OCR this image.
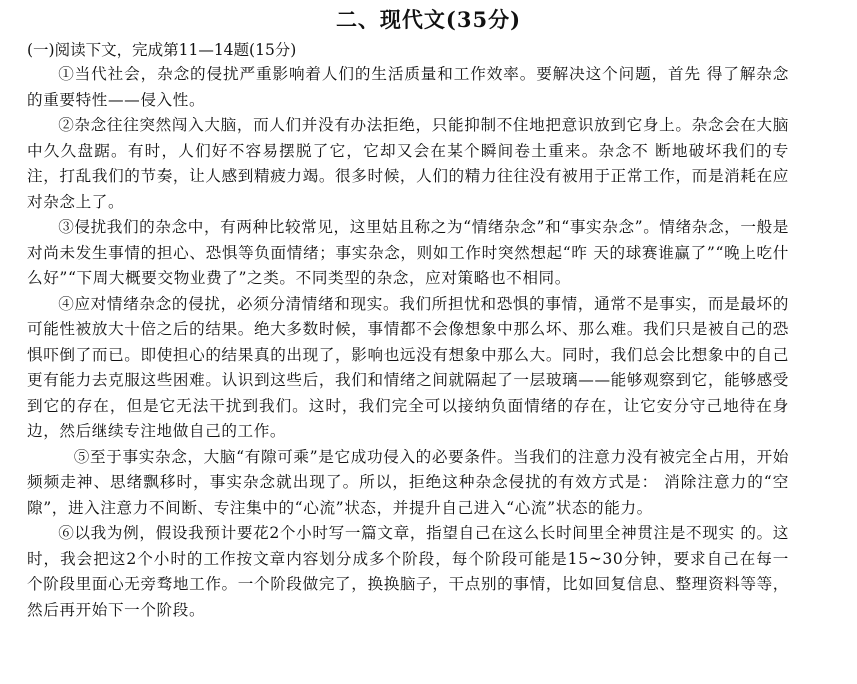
二、现代文(35分)
(一)阅读下文，完成第11—14题(15分)

①当代社会，杂念的侵扰严重影响着人们的生活质量和工作效率。要解决这个问题，首先 得了解杂念的重要特性——侵入性。

②杂念往往突然闯入大脑，而人们并没有办法拒绝，只能抑制不住地把意识放到它身上。杂念会在大脑中久久盘踞。有时，人们好不容易摆脱了它，它却又会在某个瞬间卷土重来。杂念不 断地破坏我们的专注，打乱我们的节奏，让人感到精疲力竭。很多时候，人们的精力往往没有被用于正常工作，而是消耗在应对杂念上了。

③侵扰我们的杂念中，有两种比较常见，这里姑且称之为“情绪杂念”和“事实杂念”。情绪杂念，一般是对尚未发生事情的担心、恐惧等负面情绪；事实杂念，则如工作时突然想起“昨 天的球赛谁赢了”“晚上吃什么好”“下周大概要交物业费了”之类。不同类型的杂念，应对策略也不相同。

④应对情绪杂念的侵扰，必须分清情绪和现实。我们所担忧和恐惧的事情，通常不是事实，而是最坏的可能性被放大十倍之后的结果。绝大多数时候，事情都不会像想象中那么坏、那么难。我们只是被自己的恐惧吓倒了而已。即使担心的结果真的出现了，影响也远没有想象中那么大。同时，我们总会比想象中的自己更有能力去克服这些困难。认识到这些后，我们和情绪之间就隔起了一层玻璃——能够观察到它，能够感受到它的存在，但是它无法干扰到我们。这时，我们完全可以接纳负面情绪的存在，让它安分守己地待在身边，然后继续专注地做自己的工作。

⑤至于事实杂念，大脑“有隙可乘”是它成功侵入的必要条件。当我们的注意力没有被完全占用，开始频频走神、思绪飘移时，事实杂念就出现了。所以，拒绝这种杂念侵扰的有效方式是： 消除注意力的“空隙”，进入注意力不间断、专注集中的“心流”状态，并提升自己进入“心流”状态的能力。

⑥以我为例，假设我预计要花2个小时写一篇文章，指望自己在这么长时间里全神贯注是不现实 的。这时，我会把这2个小时的工作按文章内容划分成多个阶段，每个阶段可能是15~30分钟，要求自己在每一个阶段里面心无旁骛地工作。一个阶段做完了，换换脑子，干点别的事情，比如回复信息、整理资料等等，然后再开始下一个阶段。
